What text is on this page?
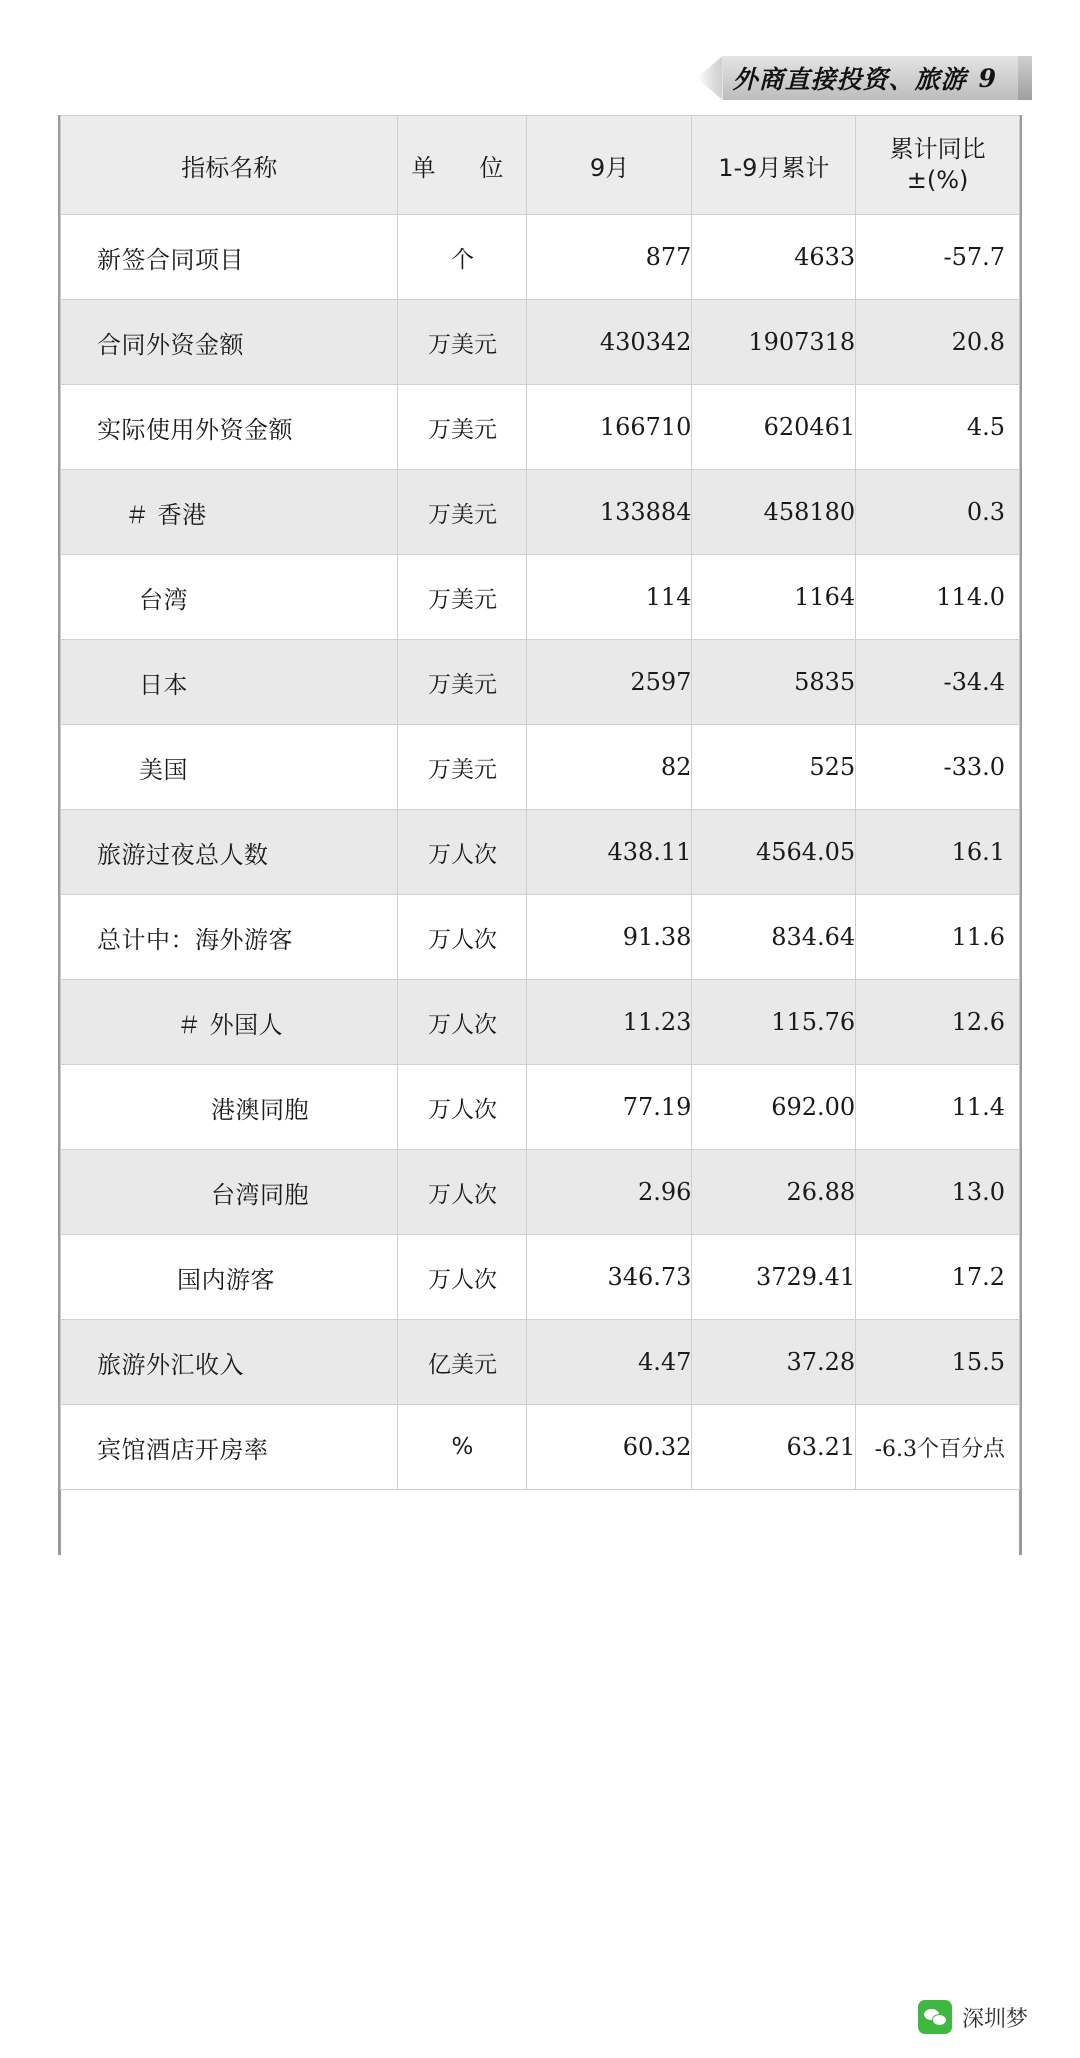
外商直接投资、旅游 9
指标名称	单　位	9月	1-9月累计	累计同比
±(%)

新签合同项目	个	877	4633	-57.7
合同外资金额	万美元	430342	1907318	20.8
实际使用外资金额	万美元	166710	620461	4.5
＃ 香港	万美元	133884	458180	0.3
台湾	万美元	114	1164	114.0
日本	万美元	2597	5835	-34.4
美国	万美元	82	525	-33.0
旅游过夜总人数	万人次	438.11	4564.05	16.1
总计中：海外游客	万人次	91.38	834.64	11.6
＃ 外国人	万人次	11.23	115.76	12.6
港澳同胞	万人次	77.19	692.00	11.4
台湾同胞	万人次	2.96	26.88	13.0
国内游客	万人次	346.73	3729.41	17.2
旅游外汇收入	亿美元	4.47	37.28	15.5
宾馆酒店开房率	%	60.32	63.21	-6.3个百分点
深圳梦
